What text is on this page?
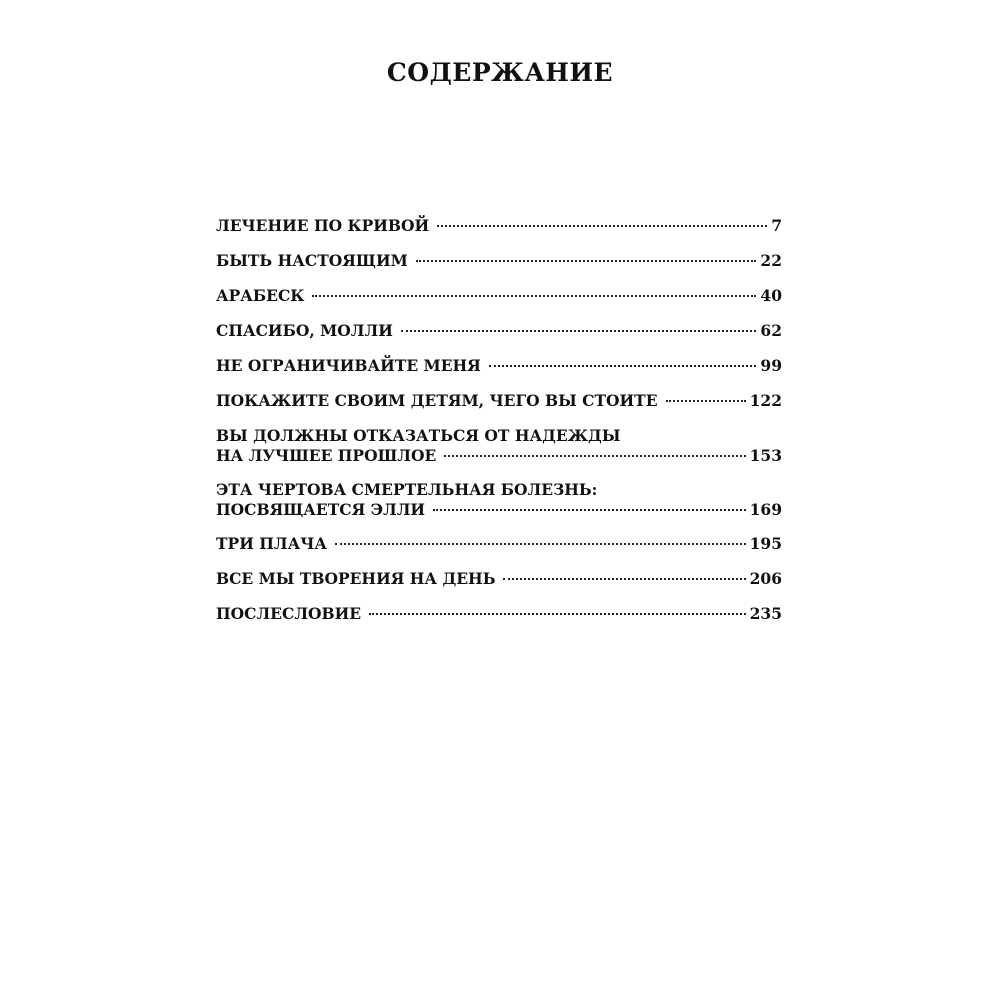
СОДЕРЖАНИЕ
ЛЕЧЕНИЕ ПО КРИВОЙ	7
БЫТЬ НАСТОЯЩИМ	22
АРАБЕСК	40
СПАСИБО, МОЛЛИ	62
НЕ ОГРАНИЧИВАЙТЕ МЕНЯ	99
ПОКАЖИТЕ СВОИМ ДЕТЯМ, ЧЕГО ВЫ СТОИТЕ	122
ВЫ ДОЛЖНЫ ОТКАЗАТЬСЯ ОТ НАДЕЖДЫ
НА ЛУЧШЕЕ ПРОШЛОЕ	153
ЭТА ЧЕРТОВА СМЕРТЕЛЬНАЯ БОЛЕЗНЬ:
ПОСВЯЩАЕТСЯ ЭЛЛИ	169
ТРИ ПЛАЧА	195
ВСЕ МЫ ТВОРЕНИЯ НА ДЕНЬ	206
ПОСЛЕСЛОВИЕ	235
